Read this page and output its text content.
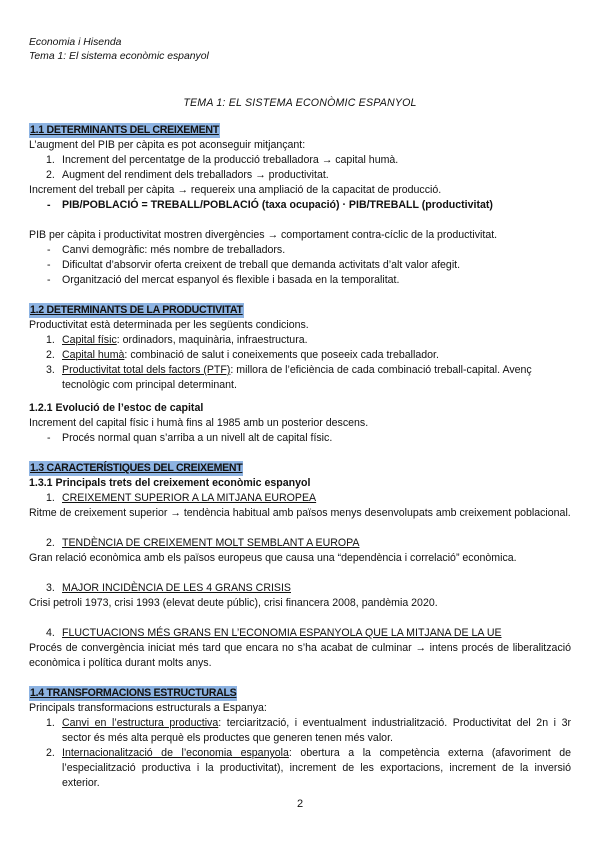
Economia i Hisenda
Tema 1: El sistema econòmic espanyol
TEMA 1: EL SISTEMA ECONÒMIC ESPANYOL
1.1 DETERMINANTS DEL CREIXEMENT

L’augment del PIB per càpita es pot aconseguir mitjançant:

1. Increment del percentatge de la producció treballadora → capital humà.
2. Augment del rendiment dels treballadors → productivitat.

Increment del treball per càpita → requereix una ampliació de la capacitat de producció.

- PIB/POBLACIÓ = TREBALL/POBLACIÓ (taxa ocupació) · PIB/TREBALL (productivitat)

PIB per càpita i productivitat mostren divergències → comportament contra-cíclic de la productivitat.

- Canvi demogràfic: més nombre de treballadors.
- Dificultat d’absorvir oferta creixent de treball que demanda activitats d’alt valor afegit.
- Organització del mercat espanyol és flexible i basada en la temporalitat.
1.2 DETERMINANTS DE LA PRODUCTIVITAT

Productivitat està determinada per les següents condicions.

1. Capital físic: ordinadors, maquinària, infraestructura.
2. Capital humà: combinació de salut i coneixements que poseeix cada treballador.
3. Productivitat total dels factors (PTF): millora de l’eficiència de cada combinació treball-capital. Avenç tecnològic com principal determinant.

1.2.1 Evolució de l’estoc de capital

Increment del capital físic i humà fins al 1985 amb un posterior descens.

- Procés normal quan s’arriba a un nivell alt de capital físic.
1.3 CARACTERÍSTIQUES DEL CREIXEMENT

1.3.1 Principals trets del creixement econòmic espanyol

1. CREIXEMENT SUPERIOR A LA MITJANA EUROPEA

Ritme de creixement superior → tendència habitual amb països menys desenvolupats amb creixement poblacional.

2. TENDÈNCIA DE CREIXEMENT MOLT SEMBLANT A EUROPA

Gran relació econòmica amb els països europeus que causa una “dependència i correlació” econòmica.

3. MAJOR INCIDÈNCIA DE LES 4 GRANS CRISIS

Crisi petroli 1973, crisi 1993 (elevat deute públic), crisi financera 2008, pandèmia 2020.

4. FLUCTUACIONS MÉS GRANS EN L’ECONOMIA ESPANYOLA QUE LA MITJANA DE LA UE

Procés de convergència iniciat més tard que encara no s’ha acabat de culminar → intens procés de liberalització econòmica i política durant molts anys.

1.4 TRANSFORMACIONS ESTRUCTURALS

Principals transformacions estructurals a Espanya:

1. Canvi en l’estructura productiva: terciarització, i eventualment industrialització. Productivitat del 2n i 3r sector és més alta perquè els productes que generen tenen més valor.
2. Internacionalització de l’economia espanyola: obertura a la competència externa (afavoriment de l’especialització productiva i la productivitat), increment de les exportacions, increment de la inversió exterior.
2
